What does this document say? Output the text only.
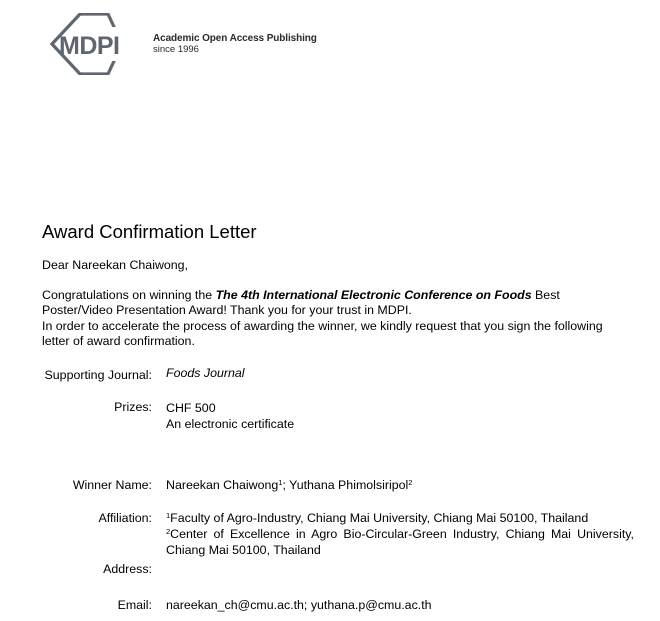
MDPI	Academic Open Access Publishing
since 1996
Award Confirmation Letter
Dear Nareekan Chaiwong,
Congratulations on winning the The 4th International Electronic Conference on Foods Best Poster/Video Presentation Award! Thank you for your trust in MDPI.
In order to accelerate the process of awarding the winner, we kindly request that you sign the following letter of award confirmation.
Supporting Journal: Foods Journal
Prizes: CHF 500
An electronic certificate
Winner Name: Nareekan Chaiwong$^1$; Yuthana Phimolsiripol$^2$
Affiliation: $^1$Faculty of Agro-Industry, Chiang Mai University, Chiang Mai 50100, Thailand
$^2$Center of Excellence in Agro Bio-Circular-Green Industry, Chiang Mai University, Chiang Mai 50100, Thailand
Address:
Email: nareekan_ch@cmu.ac.th; yuthana.p@cmu.ac.th
